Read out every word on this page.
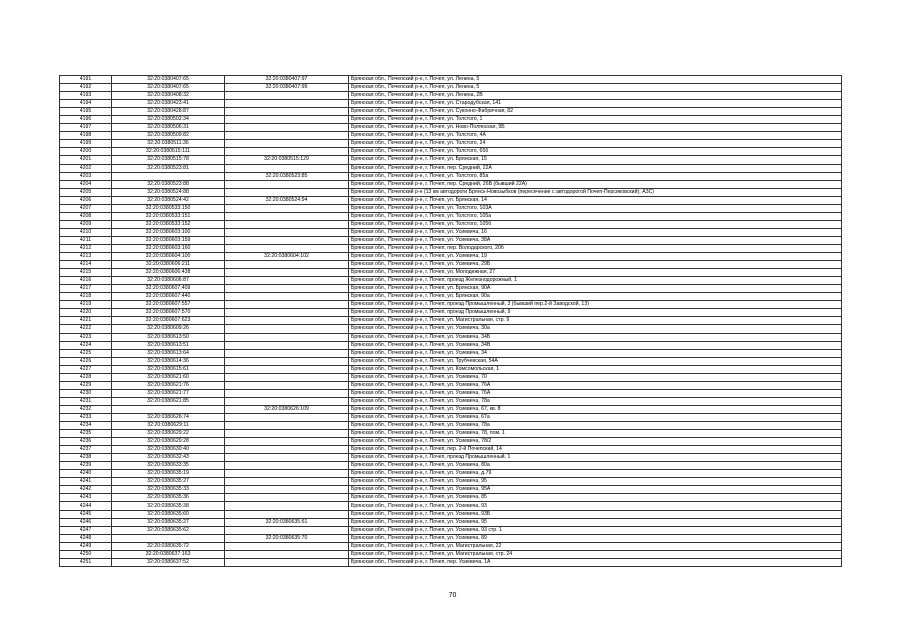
4191	32:20:0380407:65	32:20:0380407:97	Брянская обл., Почепский р-н, г. Почеп, ул. Ленина, 5
4192	32:20:0380407:65	32:20:0380407:99	Брянская обл., Почепский р-н, г. Почеп, ул. Ленина, 5
4193	32:20:0380408:32		Брянская обл., Почепский р-н, г. Почеп, ул. Ленина, 2В
4194	32:20:0380423:41		Брянская обл., Почепский р-н, г. Почеп, ул. Стародубская, 141
4195	32:20:0380428:87		Брянская обл., Почепский р-н, г. Почеп, ул. Суконно-Фабричная, 82
4196	32:20:0380502:34		Брянская обл., Почепский р-н, г. Почеп, ул. Толстого, 1
4197	32:20:0380506:31		Брянская обл., Почепский р-н, г. Почеп, ул. Ново-Полянская, 9Б
4198	32:20:0380509:82		Брянская обл., Почепский р-н, г. Почеп, ул. Толстого, 4А
4199	32:20:0380511:36		Брянская обл., Почепский р-н, г. Почеп, ул. Толстого, 24
4200	32:20:0380515:111		Брянская обл., Почепский р-н, г. Почеп, ул. Толстого, 65б
4201	32:20:0380515:78	32:20:0380515:129	Брянская обл., Почепский р-н, г. Почеп, ул. Брянская, 15
4202	32:20:0380523:81		Брянская обл., Почепский р-н, г. Почеп, пер. Средний, 22А
4203		32:20:0380523:85	Брянская обл., Почепский р-н, г. Почеп, ул. Толстого, 85а
4204	32:20:0380523:88		Брянская обл., Почепский р-н, г. Почеп, пер. Средний, 26В (бывший 22А)
4205	32:20:0380524:88		Брянская обл., Почепский р-н (13 км автодороги Брянск-Новозыбков (пересечение с автодорогой Почеп-Персиковский); АЗС)
4206	32:20:0380524:42	32:20:0380524:94	Брянская обл., Почепский р-н, г. Почеп, ул. Брянская, 14
4207	32:20:0380533:150		Брянская обл., Почепский р-н, г. Почеп, ул. Толстого, 103А
4208	32:20:0380533:151		Брянская обл., Почепский р-н, г. Почеп, ул. Толстого, 105а
4209	32:20:0380533:152		Брянская обл., Почепский р-н, г. Почеп, ул. Толстого, 105б
4210	32:20:0380603:100		Брянская обл., Почепский р-н, г. Почеп, ул. Усиевича, 16
4211	32:20:0380603:159		Брянская обл., Почепский р-н, г. Почеп, ул. Усиевича, 38А
4212	32:20:0380603:160		Брянская обл., Почепский р-н, г. Почеп, пер. Володарского, 20б
4213	32:20:0380604:100	32:20:0380604:102	Брянская обл., Почепский р-н, г. Почеп, ул. Усиевича, 19
4214	32:20:0380606:211		Брянская обл., Почепский р-н, г. Почеп, ул. Усиевича, 29Б
4215	32:20:0380606:438		Брянская обл., Почепский р-н, г. Почеп, ул. Молодежная, 27
4216	32:20:0380606:87		Брянская обл., Почепский р-н, г. Почеп, проезд Железнодорожный, 1
4217	32:20:0380607:409		Брянская обл., Почепский р-н, г. Почеп, ул. Брянская, 90А
4218	32:20:0380607:440		Брянская обл., Почепский р-н, г. Почеп, ул. Брянская, 90а
4219	32:20:0380607:557		Брянская обл., Почепский р-н, г. Почеп, проезд Промышленный, 3 (бывший пер.2-й Заводской, 13)
4220	32:20:0380607:570		Брянская обл., Почепский р-н, г. Почеп, проезд Промышленный, 9
4221	32:20:0380607:623		Брянская обл., Почепский р-н, г. Почеп, ул. Магистральная, стр. 9
4222	32:20:0380609:26		Брянская обл., Почепский р-н, г. Почеп, ул. Усиевича, 30а
4223	32:20:0380613:50		Брянская обл., Почепский р-н, г. Почеп, ул. Усиевича, 34Б
4224	32:20:0380613:51		Брянская обл., Почепский р-н, г. Почеп, ул. Усиевича, 34В
4225	32:20:0380613:64		Брянская обл., Почепский р-н, г. Почеп, ул. Усиевича, 34
4226	32:20:0380614:36		Брянская обл., Почепский р-н, г. Почеп, ул. Трубчевская, 54А
4227	32:20:0380615:61		Брянская обл., Почепский р-н, г. Почеп, ул. Комсомольская, 1
4228	32:20:0380621:60		Брянская обл., Почепский р-н, г. Почеп, ул. Усиевича, 70
4229	32:20:0380621:76		Брянская обл., Почепский р-н, г. Почеп, ул. Усиевича, 76А
4230	32:20:0380621:77		Брянская обл., Почепский р-н, г. Почеп, ул. Усиевича, 76А
4231	32:20:0380621:85		Брянская обл., Почепский р-н, г. Почеп, ул. Усиевича, 78а
4232		32:20:0380626:109	Брянская обл., Почепский р-н, г. Почеп, ул. Усиевича, 67, кв. 8
4233	32:20:0380626:74		Брянская обл., Почепский р-н, г. Почеп, ул. Усиевича, 67а
4234	32:20:0380629:11		Брянская обл., Почепский р-н, г. Почеп, ул. Усиевича, 78а
4235	32:20:0380629:22		Брянская обл., Почепский р-н, г. Почеп, ул. Усиевича, 78, пом. 1
4236	32:20:0380629:28		Брянская обл., Почепский р-н, г. Почеп, ул. Усиевича, 78/2
4237	32:20:0380630:40		Брянская обл., Почепский р-н, г. Почеп, пер. 2-й Почепский, 14
4238	32:20:0380632:43		Брянская обл., Почепский р-н, г. Почеп, проезд Промышленный, 1
4239	32:20:0380633:35		Брянская обл., Почепский р-н, г. Почеп, ул. Усиевича, 80а
4240	32:20:0380635:19		Брянская обл., Почепский р-н, г. Почеп, ул. Усиевича, д.79
4241	32:20:0380635:27		Брянская обл., Почепский р-н, г. Почеп, ул. Усиевича, 95
4242	32:20:0380635:33		Брянская обл., Почепский р-н, г. Почеп, ул. Усиевича, 95А
4243	32:20:0380635:36		Брянская обл., Почепский р-н, г. Почеп, ул. Усиевича, 85
4244	32:20:0380635:38		Брянская обл., Почепский р-н, г. Почеп, ул. Усиевича, 93
4245	32:20:0380635:60		Брянская обл., Почепский р-н, г. Почеп, ул. Усиевича, 93Б
4246	32:20:0380635:27	32:20:0380635:61	Брянская обл., Почепский р-н, г. Почеп, ул. Усиевича, 95
4247	32:20:0380635:62		Брянская обл., Почепский р-н, г. Почеп, ул. Усиевича, 93 стр. 1
4248		32:20:0380635:70	Брянская обл., Почепский р-н, г. Почеп, ул. Усиевича, 89
4249	32:20:0380635:72		Брянская обл., Почепский р-н, г. Почеп, ул. Магистральная, 22
4250	32:20:0380637:163		Брянская обл., Почепский р-н, г. Почеп, ул. Магистральная, стр. 24
4251	32:20:0380637:52		Брянская обл., Почепский р-н, г. Почеп, пер. Усиевича, 1А
70
